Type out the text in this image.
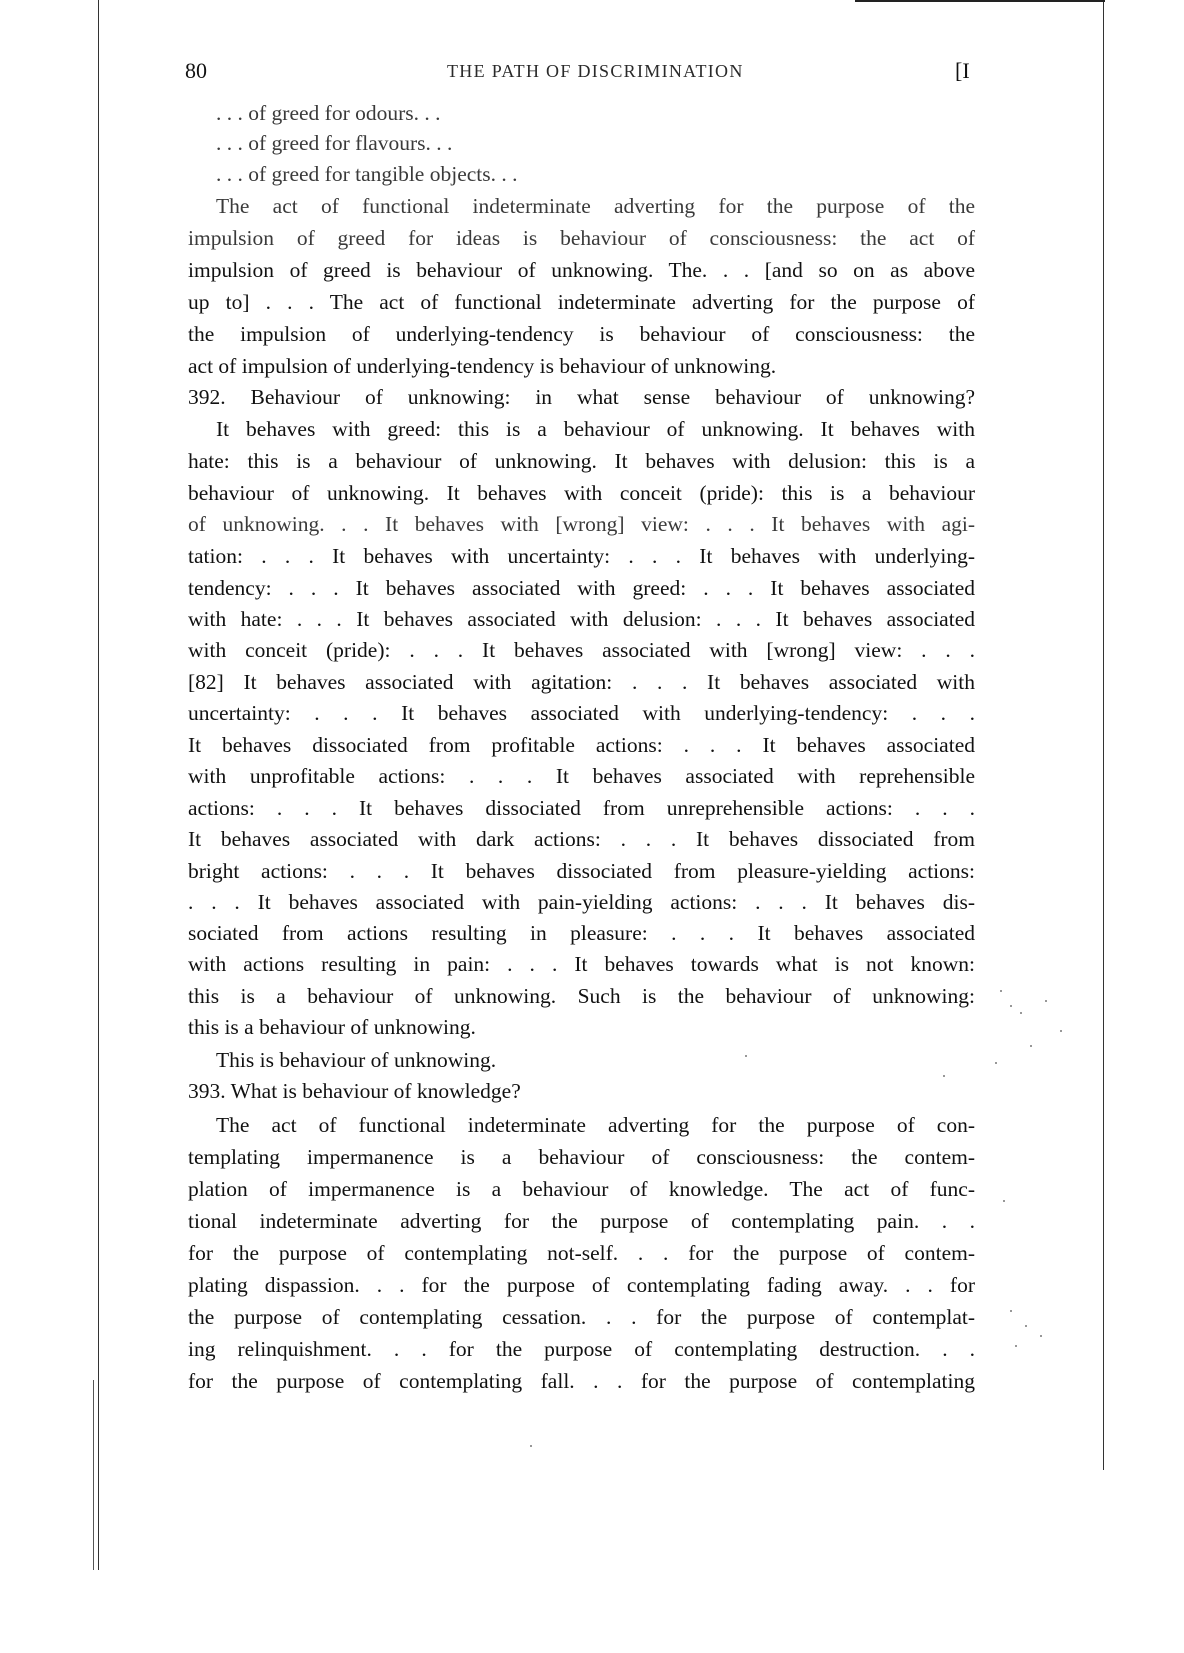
80	THE PATH OF DISCRIMINATION	[I
. . . of greed for odours. . .
. . . of greed for flavours. . .
. . . of greed for tangible objects. . .
The act of functional indeterminate adverting for the purpose of the
impulsion of greed for ideas is behaviour of consciousness: the act of
impulsion of greed is behaviour of unknowing. The. . . [and so on as above
up to] . . . The act of functional indeterminate adverting for the purpose of
the impulsion of underlying-tendency is behaviour of consciousness: the
act of impulsion of underlying-tendency is behaviour of unknowing.
392. Behaviour of unknowing: in what sense behaviour of unknowing?
It behaves with greed: this is a behaviour of unknowing. It behaves with
hate: this is a behaviour of unknowing. It behaves with delusion: this is a
behaviour of unknowing. It behaves with conceit (pride): this is a behaviour
of unknowing. . . It behaves with [wrong] view: . . . It behaves with agi-
tation: . . . It behaves with uncertainty: . . . It behaves with underlying-
tendency: . . . It behaves associated with greed: . . . It behaves associated
with hate: . . . It behaves associated with delusion: . . . It behaves associated
with conceit (pride): . . . It behaves associated with [wrong] view: . . .
[82] It behaves associated with agitation: . . . It behaves associated with
uncertainty: . . . It behaves associated with underlying-tendency: . . .
It behaves dissociated from profitable actions: . . . It behaves associated
with unprofitable actions: . . . It behaves associated with reprehensible
actions: . . . It behaves dissociated from unreprehensible actions: . . .
It behaves associated with dark actions: . . . It behaves dissociated from
bright actions: . . . It behaves dissociated from pleasure-yielding actions:
. . . It behaves associated with pain-yielding actions: . . . It behaves dis-
sociated from actions resulting in pleasure: . . . It behaves associated
with actions resulting in pain: . . . It behaves towards what is not known:
this is a behaviour of unknowing. Such is the behaviour of unknowing:
this is a behaviour of unknowing.
This is behaviour of unknowing.
393. What is behaviour of knowledge?
The act of functional indeterminate adverting for the purpose of con-
templating impermanence is a behaviour of consciousness: the contem-
plation of impermanence is a behaviour of knowledge. The act of func-
tional indeterminate adverting for the purpose of contemplating pain. . .
for the purpose of contemplating not-self. . . for the purpose of contem-
plating dispassion. . . for the purpose of contemplating fading away. . . for
the purpose of contemplating cessation. . . for the purpose of contemplat-
ing relinquishment. . . for the purpose of contemplating destruction. . .
for the purpose of contemplating fall. . . for the purpose of contemplating
